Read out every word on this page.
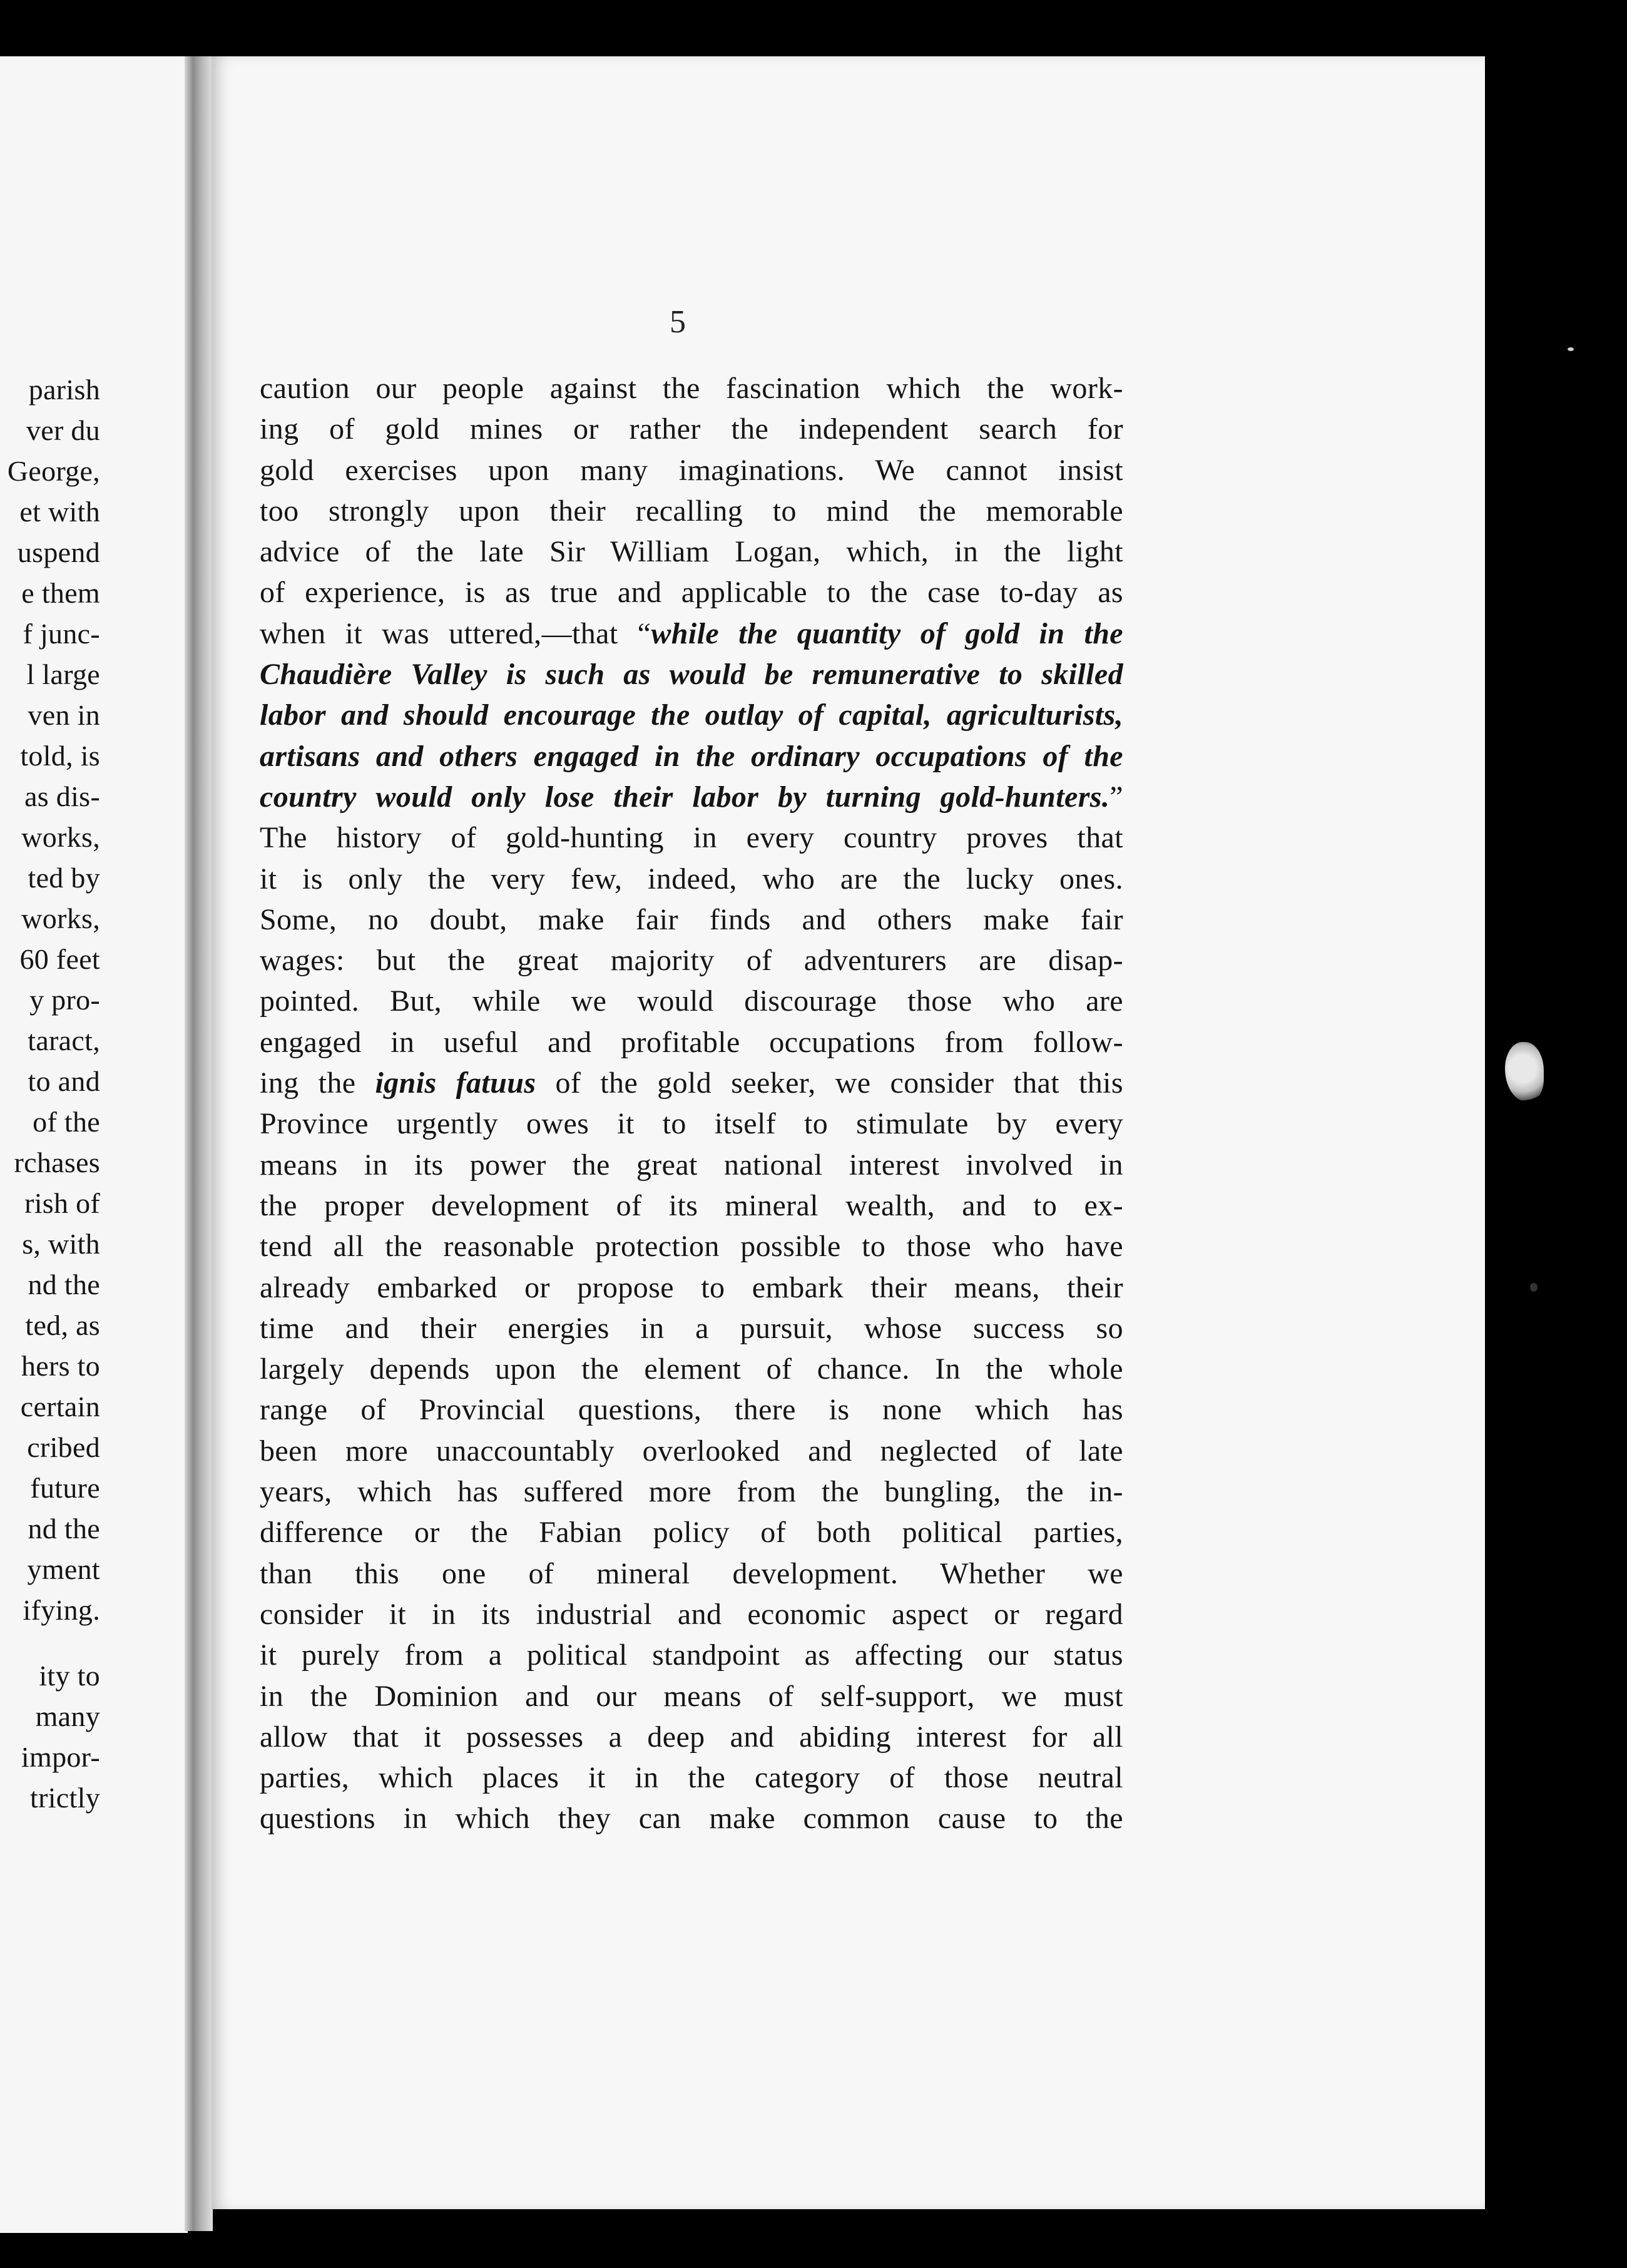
parish
ver du
George,
et with
uspend
e them
f junc-
l large
ven in
told, is
as dis-
works,
ted by
works,
60 feet
y pro-
taract,
to and
of the
rchases
rish of
s, with
nd the
ted, as
hers to
certain
cribed
future
nd the
yment
ifying.
ity to
many
impor-
trictly
5
caution our people against the fascination which the work-
ing of gold mines or rather the independent search for
gold exercises upon many imaginations. We cannot insist
too strongly upon their recalling to mind the memorable
advice of the late Sir William Logan, which, in the light
of experience, is as true and applicable to the case to-day as
when it was uttered,—that “while the quantity of gold in the
Chaudière Valley is such as would be remunerative to skilled
labor and should encourage the outlay of capital, agriculturists,
artisans and others engaged in the ordinary occupations of the
country would only lose their labor by turning gold-hunters.”
The history of gold-hunting in every country proves that
it is only the very few, indeed, who are the lucky ones.
Some, no doubt, make fair finds and others make fair
wages: but the great majority of adventurers are disap-
pointed. But, while we would discourage those who are
engaged in useful and profitable occupations from follow-
ing the ignis fatuus of the gold seeker, we consider that this
Province urgently owes it to itself to stimulate by every
means in its power the great national interest involved in
the proper development of its mineral wealth, and to ex-
tend all the reasonable protection possible to those who have
already embarked or propose to embark their means, their
time and their energies in a pursuit, whose success so
largely depends upon the element of chance. In the whole
range of Provincial questions, there is none which has
been more unaccountably overlooked and neglected of late
years, which has suffered more from the bungling, the in-
difference or the Fabian policy of both political parties,
than this one of mineral development. Whether we
consider it in its industrial and economic aspect or regard
it purely from a political standpoint as affecting our status
in the Dominion and our means of self-support, we must
allow that it possesses a deep and abiding interest for all
parties, which places it in the category of those neutral
questions in which they can make common cause to the
